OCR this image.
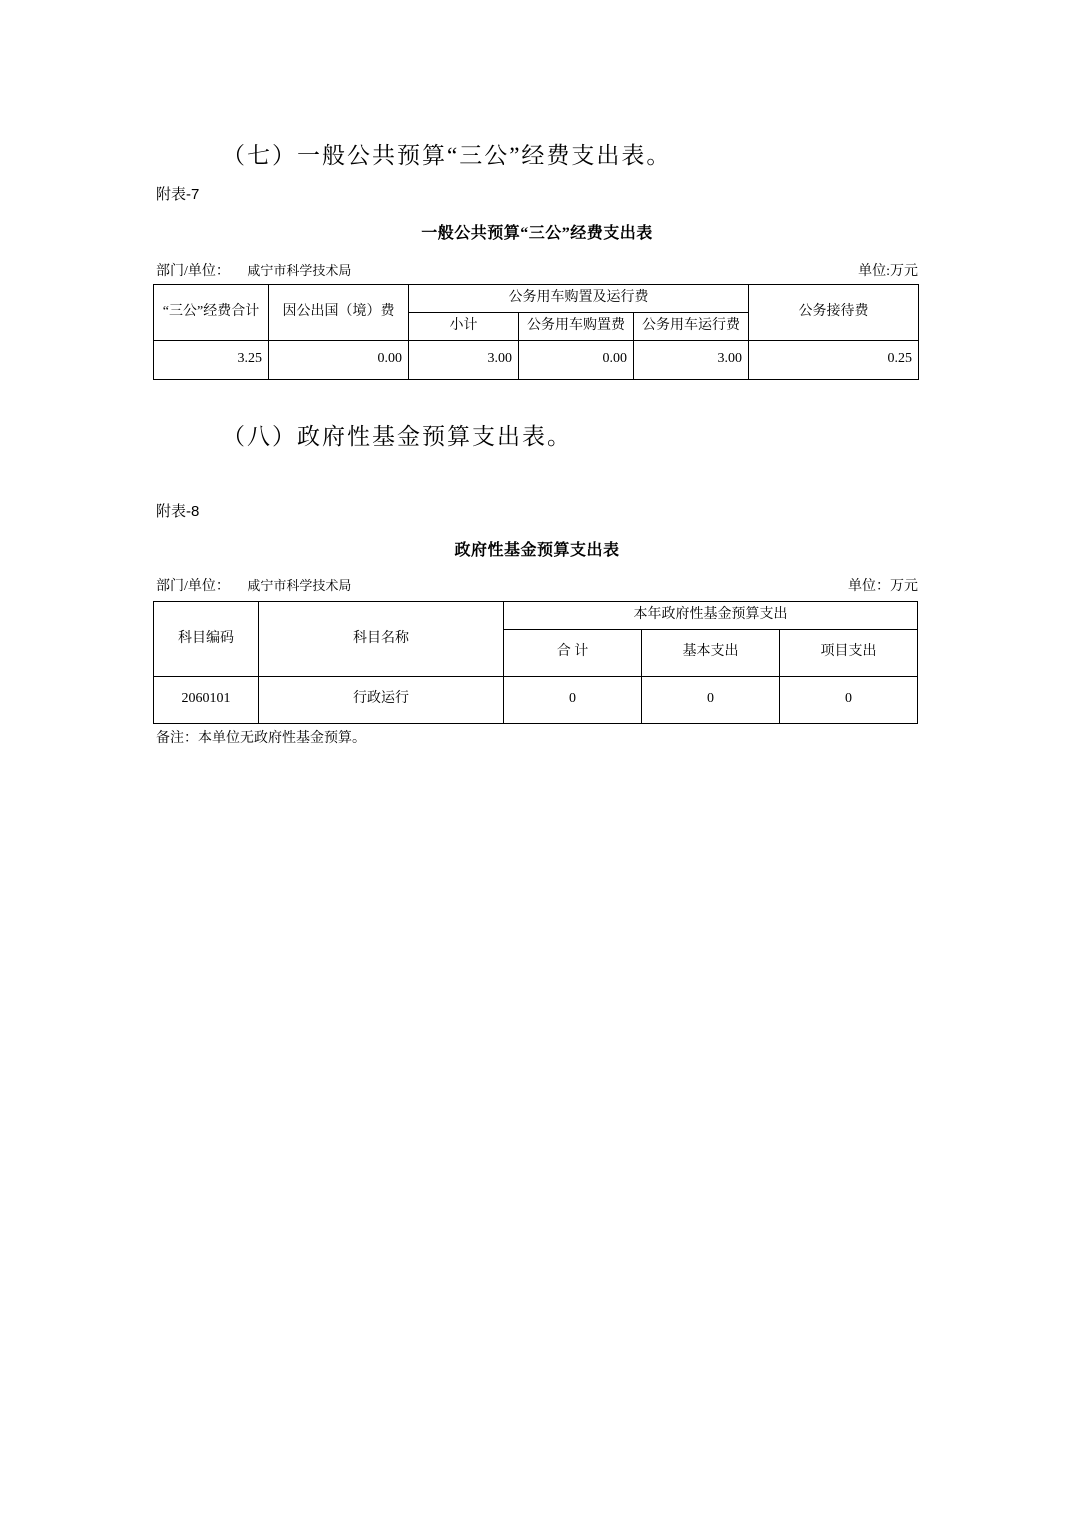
（七）一般公共预算“三公”经费支出表。
附表-7
一般公共预算“三公”经费支出表
部门/单位： 咸宁市科学技术局	单位:万元
“三公”经费合计	因公出国（境）费	公务用车购置及运行费			公务接待费
		小计	公务用车购置费	公务用车运行费	
3.25	0.00	3.00	0.00	3.00	0.25
（八）政府性基金预算支出表。
附表-8
政府性基金预算支出表
部门/单位： 咸宁市科学技术局	单位：万元
科目编码	科目名称	本年政府性基金预算支出		
		合 计	基本支出	项目支出
2060101	行政运行	0	0	0
备注：本单位无政府性基金预算。
